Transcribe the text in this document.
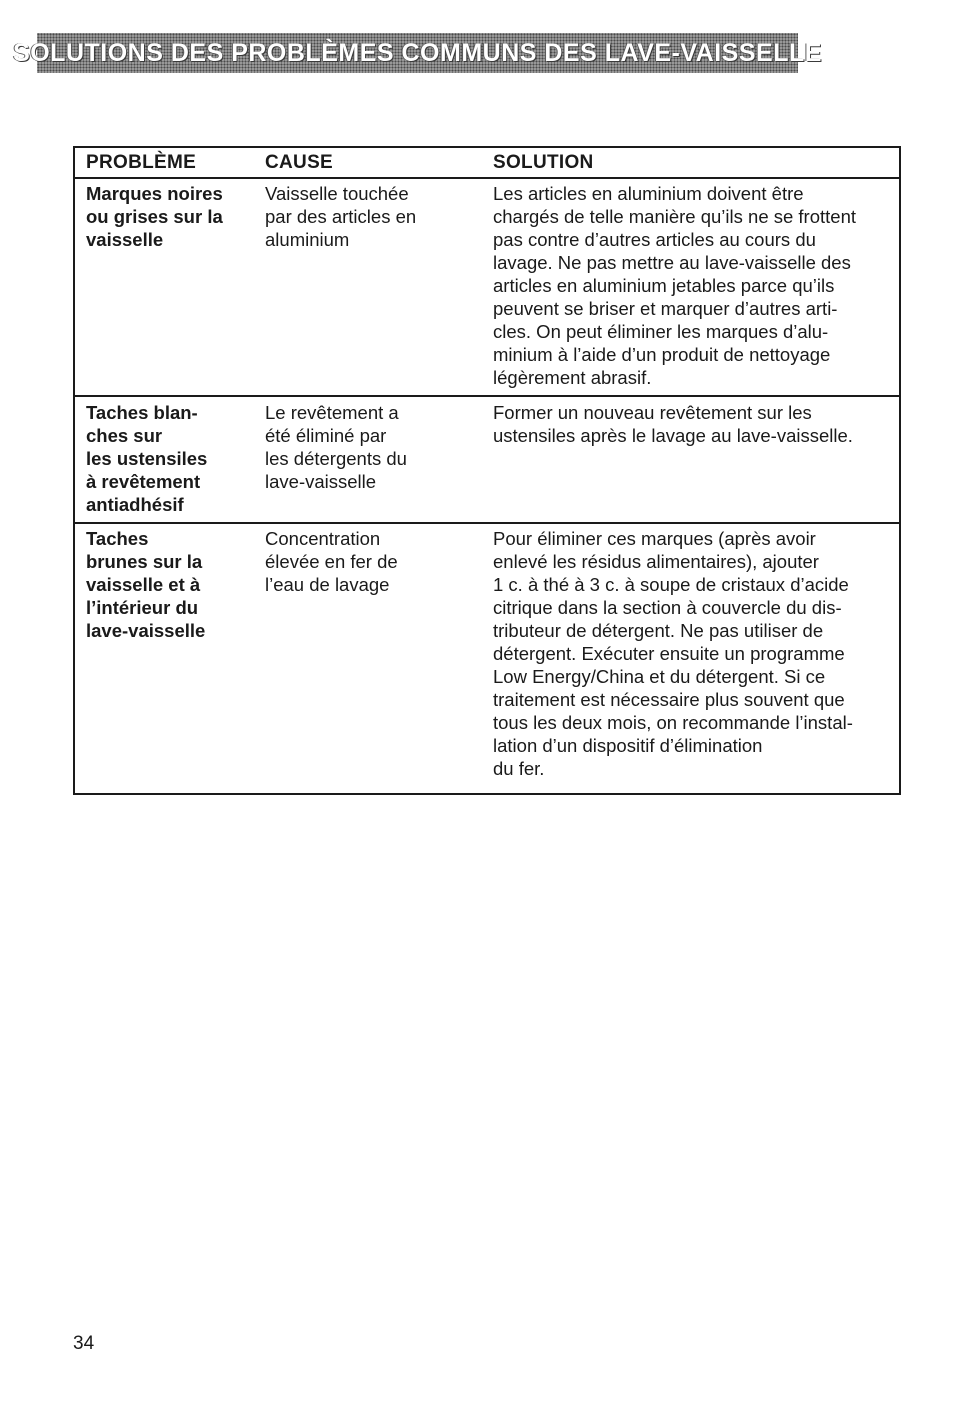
SOLUTIONS DES PROBLÈMES COMMUNS DES LAVE-VAISSELLE
PROBLÈME	CAUSE	SOLUTION
Marques noires
ou grises sur la
vaisselle
Vaisselle touchée
par des articles en
aluminium
Les articles en aluminium doivent être
chargés de telle manière qu’ils ne se frottent
pas contre d’autres articles au cours du
lavage. Ne pas mettre au lave-vaisselle des
articles en aluminium jetables parce qu’ils
peuvent se briser et marquer d’autres arti-
cles. On peut éliminer les marques d’alu-
minium à l’aide d’un produit de nettoyage
légèrement abrasif.
Taches blan-
ches sur
les ustensiles
à revêtement
antiadhésif
Le revêtement a
été éliminé par
les détergents du
lave-vaisselle
Former un nouveau revêtement sur les
ustensiles après le lavage au lave-vaisselle.
Taches
brunes sur la
vaisselle et à
l’intérieur du
lave-vaisselle
Concentration
élevée en fer de
l’eau de lavage
Pour éliminer ces marques (après avoir
enlevé les résidus alimentaires), ajouter
1 c. à thé à 3 c. à soupe de cristaux d’acide
citrique dans la section à couvercle du dis-
tributeur de détergent. Ne pas utiliser de
détergent. Exécuter ensuite un programme
Low Energy/China et du détergent. Si ce
traitement est nécessaire plus souvent que
tous les deux mois, on recommande l’instal-
lation d’un dispositif d’élimination
du fer.
34
